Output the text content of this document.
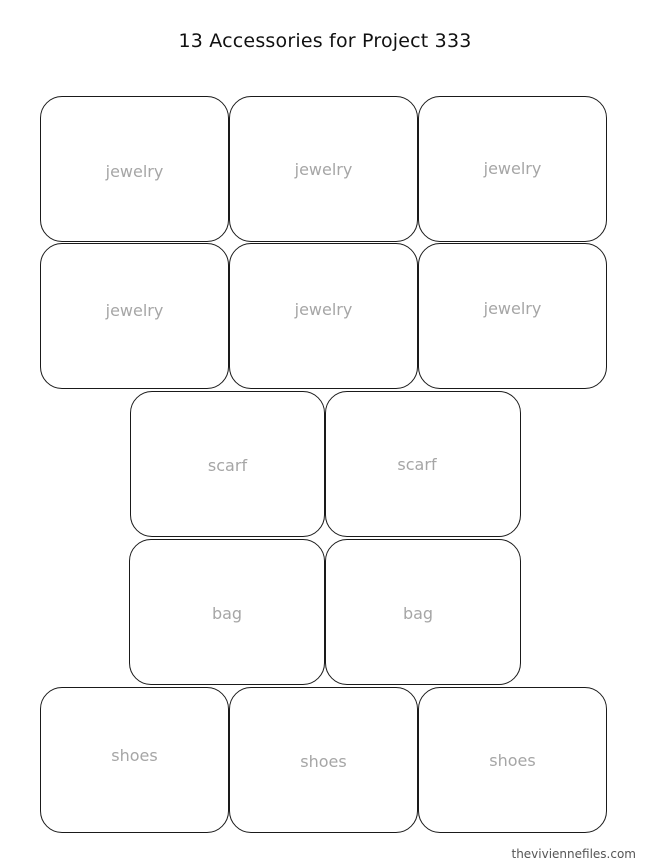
13 Accessories for Project 333
jewelry	jewelry	jewelry
jewelry	jewelry	jewelry
scarf	scarf
bag	bag
shoes	shoes	shoes
theviviennefiles.com
